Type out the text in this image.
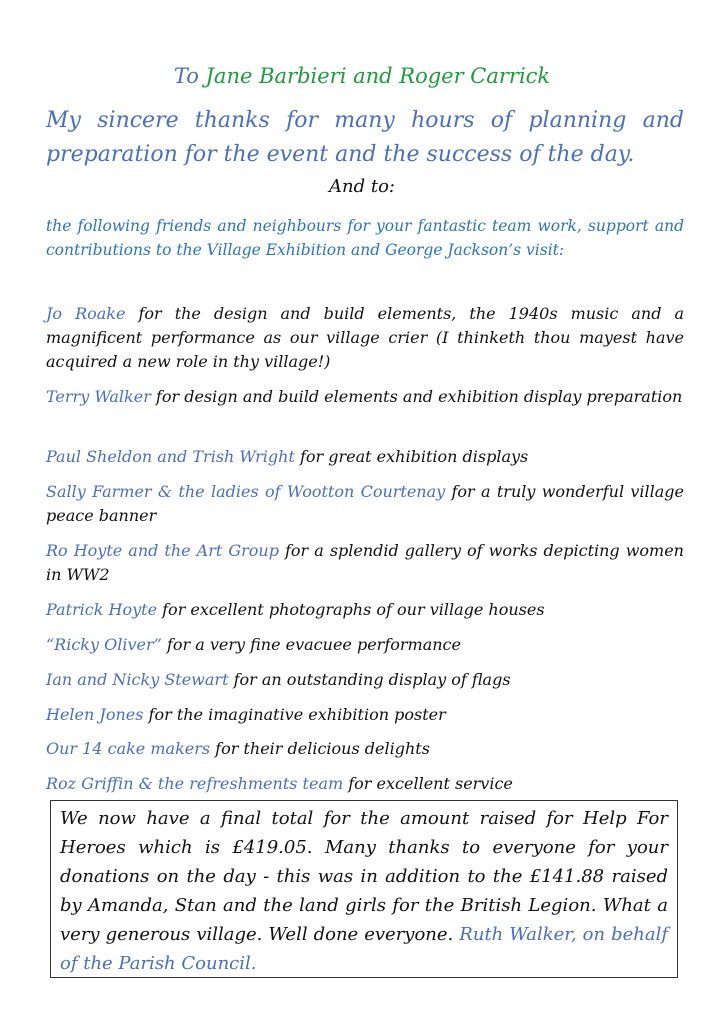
To Jane Barbieri and Roger Carrick
My sincere thanks for many hours of planning and preparation for the event and the success of the day.
And to:
the following friends and neighbours for your fantastic team work, support and contributions to the Village Exhibition and George Jackson’s visit:
Jo Roake for the design and build elements, the 1940s music and a magnificent performance as our village crier (I thinketh thou mayest have acquired a new role in thy village!)
Terry Walker for design and build elements and exhibition display preparation
Paul Sheldon and Trish Wright for great exhibition displays
Sally Farmer & the ladies of Wootton Courtenay for a truly wonderful village peace banner
Ro Hoyte and the Art Group for a splendid gallery of works depicting women in WW2
Patrick Hoyte for excellent photographs of our village houses
“Ricky Oliver” for a very fine evacuee performance
Ian and Nicky Stewart for an outstanding display of flags
Helen Jones for the imaginative exhibition poster
Our 14 cake makers for their delicious delights
Roz Griffin & the refreshments team for excellent service
We now have a final total for the amount raised for Help For Heroes which is £419.05. Many thanks to everyone for your donations on the day - this was in addition to the £141.88 raised by Amanda, Stan and the land girls for the British Legion. What a very generous village. Well done everyone. Ruth Walker, on behalf of the Parish Council.
